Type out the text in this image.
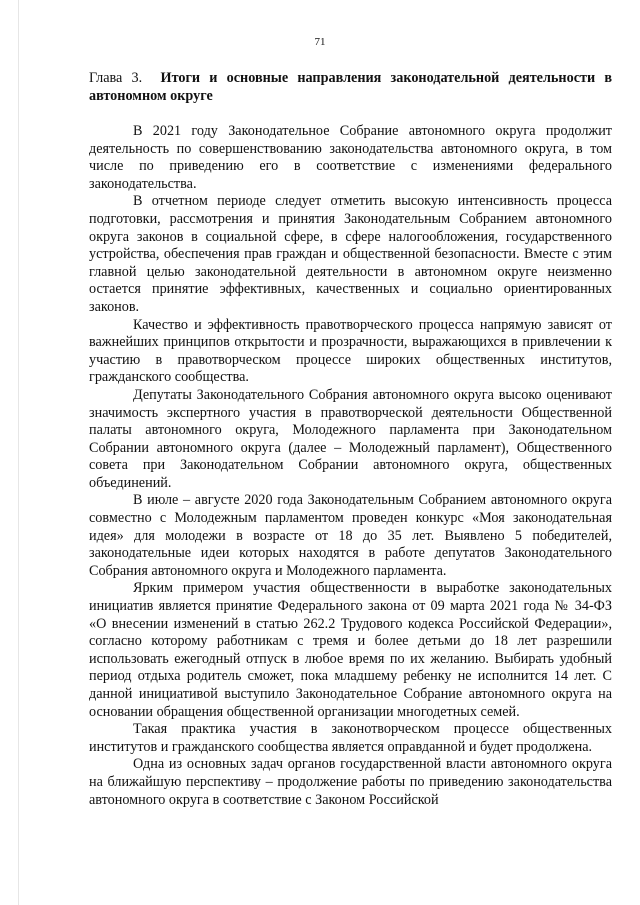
71
Глава 3. Итоги и основные направления законодательной деятельности в автономном округе

В 2021 году Законодательное Собрание автономного округа продолжит деятельность по совершенствованию законодательства автономного округа, в том числе по приведению его в соответствие с изменениями федерального законодательства.

В отчетном периоде следует отметить высокую интенсивность процесса подготовки, рассмотрения и принятия Законодательным Собранием автономного округа законов в социальной сфере, в сфере налогообложения, государственного устройства, обеспечения прав граждан и общественной безопасности. Вместе с этим главной целью законодательной деятельности в автономном округе неизменно остается принятие эффективных, качественных и социально ориентированных законов.

Качество и эффективность правотворческого процесса напрямую зависят от важнейших принципов открытости и прозрачности, выражающихся в привлечении к участию в правотворческом процессе широких общественных институтов, гражданского сообщества.

Депутаты Законодательного Собрания автономного округа высоко оценивают значимость экспертного участия в правотворческой деятельности Общественной палаты автономного округа, Молодежного парламента при Законодательном Собрании автономного округа (далее – Молодежный парламент), Общественного совета при Законодательном Собрании автономного округа, общественных объединений.

В июле – августе 2020 года Законодательным Собранием автономного округа совместно с Молодежным парламентом проведен конкурс «Моя законодательная идея» для молодежи в возрасте от 18 до 35 лет. Выявлено 5 победителей, законодательные идеи которых находятся в работе депутатов Законодательного Собрания автономного округа и Молодежного парламента.

Ярким примером участия общественности в выработке законодательных инициатив является принятие Федерального закона от 09 марта 2021 года № 34-ФЗ «О внесении изменений в статью 262.2 Трудового кодекса Российской Федерации», согласно которому работникам с тремя и более детьми до 18 лет разрешили использовать ежегодный отпуск в любое время по их желанию. Выбирать удобный период отдыха родитель сможет, пока младшему ребенку не исполнится 14 лет. С данной инициативой выступило Законодательное Собрание автономного округа на основании обращения общественной организации многодетных семей.

Такая практика участия в законотворческом процессе общественных институтов и гражданского сообщества является оправданной и будет продолжена.

Одна из основных задач органов государственной власти автономного округа на ближайшую перспективу – продолжение работы по приведению законодательства автономного округа в соответствие с Законом Российской
